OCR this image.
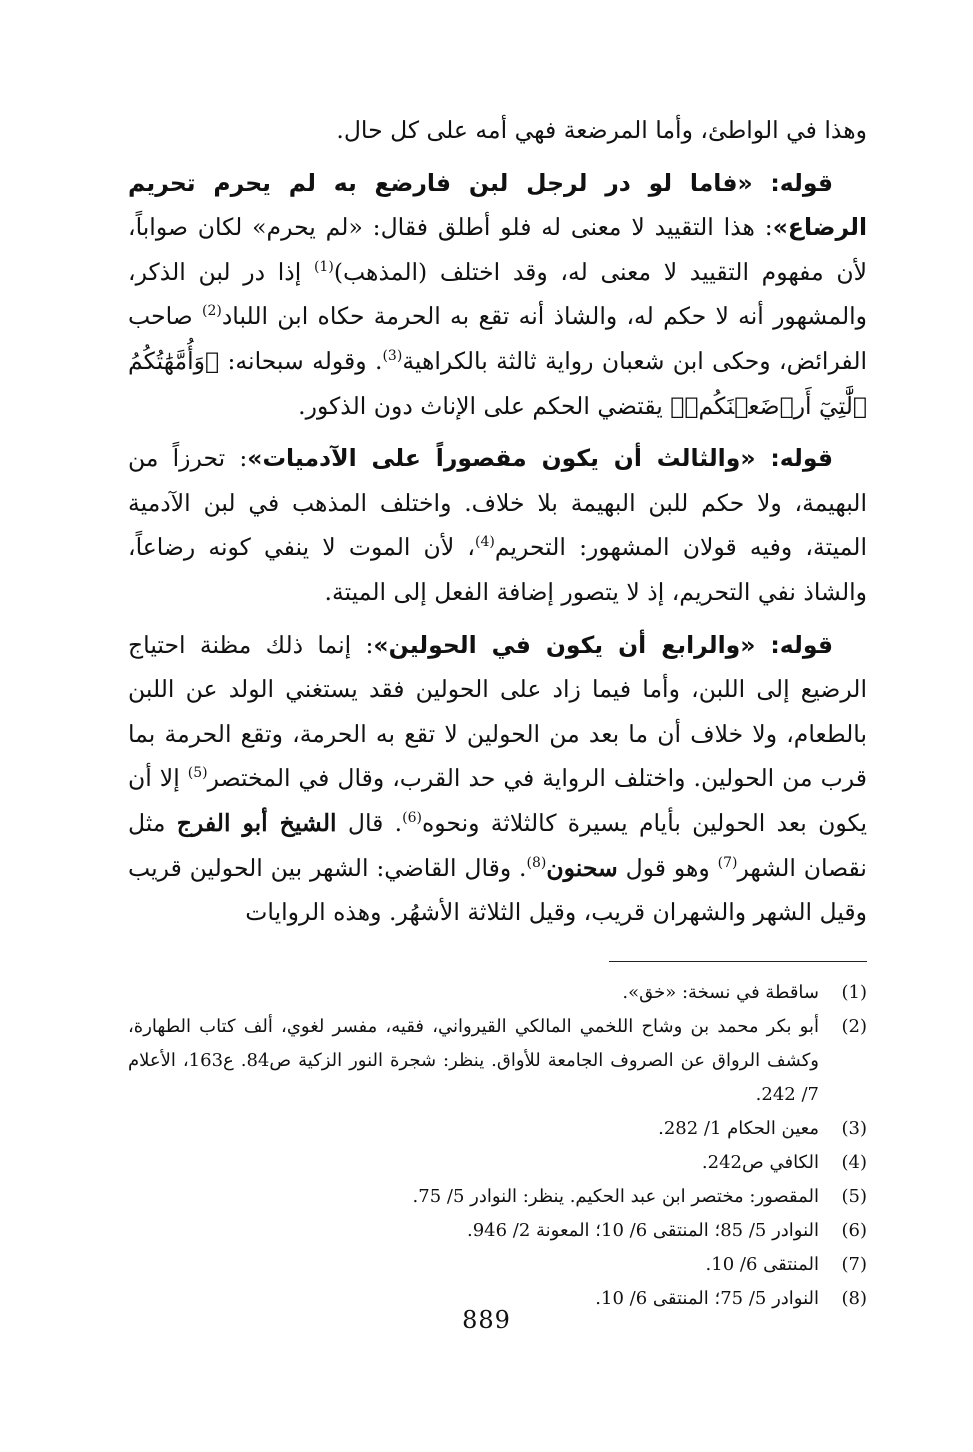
وهذا في الواطئ، وأما المرضعة فهي أمه على كل حال.

قوله: «فاما لو در لرجل لبن فارضع به لم يحرم تحريم الرضاع»: هذا التقييد لا معنى له فلو أطلق فقال: «لم يحرم» لكان صواباً، لأن مفهوم التقييد لا معنى له، وقد اختلف (المذهب)$^{(1)}$ إذا در لبن الذكر، والمشهور أنه لا حكم له، والشاذ أنه تقع به الحرمة حكاه ابن اللباد$^{(2)}$ صاحب الفرائض، وحكى ابن شعبان رواية ثالثة بالكراهية$^{(3)}$. وقوله سبحانه: ﴿وَأُمَّهَٰتُكُمُ ٱلَّٰتِيٓ أَرۡضَعۡنَكُمۡ﴾ يقتضي الحكم على الإناث دون الذكور.

قوله: «والثالث أن يكون مقصوراً على الآدميات»: تحرزاً من البهيمة، ولا حكم للبن البهيمة بلا خلاف. واختلف المذهب في لبن الآدمية الميتة، وفيه قولان المشهور: التحريم$^{(4)}$، لأن الموت لا ينفي كونه رضاعاً، والشاذ نفي التحريم، إذ لا يتصور إضافة الفعل إلى الميتة.

قوله: «والرابع أن يكون في الحولين»: إنما ذلك مظنة احتياج الرضيع إلى اللبن، وأما فيما زاد على الحولين فقد يستغني الولد عن اللبن بالطعام، ولا خلاف أن ما بعد من الحولين لا تقع به الحرمة، وتقع الحرمة بما قرب من الحولين. واختلف الرواية في حد القرب، وقال في المختصر$^{(5)}$ إلا أن يكون بعد الحولين بأيام يسيرة كالثلاثة ونحوه$^{(6)}$. قال الشيخ أبو الفرج مثل نقصان الشهر$^{(7)}$ وهو قول سحنون$^{(8)}$. وقال القاضي: الشهر بين الحولين قريب وقيل الشهر والشهران قريب، وقيل الثلاثة الأشهُر. وهذه الروايات

(1)
ساقطة في نسخة: «خق».
(2)
أبو بكر محمد بن وشاح اللخمي المالكي القيرواني، فقيه، مفسر لغوي، ألف كتاب الطهارة، وكشف الرواق عن الصروف الجامعة للأواق. ينظر: شجرة النور الزكية ص84. ع163، الأعلام 7/ 242.
(3)
معين الحكام 1/ 282.
(4)
الكافي ص242.
(5)
المقصور: مختصر ابن عبد الحكيم. ينظر: النوادر 5/ 75.
(6)
النوادر 5/ 85؛ المنتقى 6/ 10؛ المعونة 2/ 946.
(7)
المنتقى 6/ 10.
(8)
النوادر 5/ 75؛ المنتقى 6/ 10.
889
